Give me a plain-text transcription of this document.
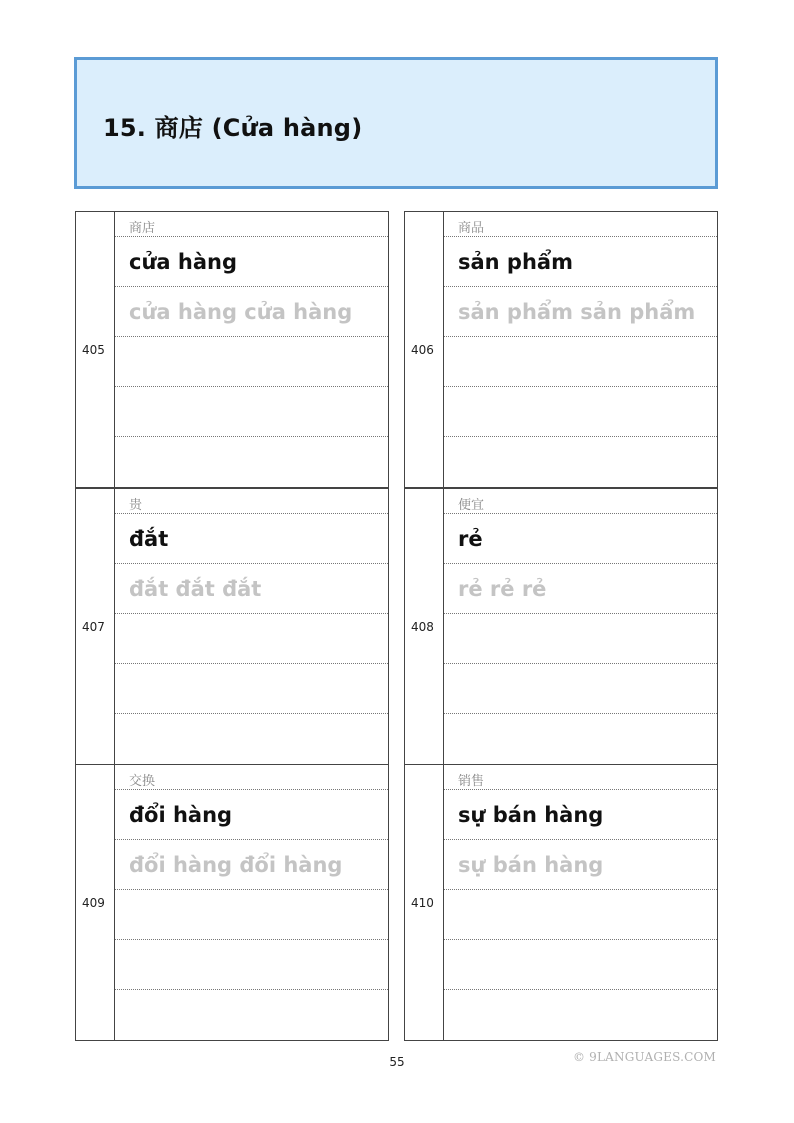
15. 商店 (Cửa hàng)
405
商店
cửa hàng
cửa hàng cửa hàng
406
商品
sản phẩm
sản phẩm sản phẩm
407
贵
đắt
đắt đắt đắt
408
便宜
rẻ
rẻ rẻ rẻ
409
交换
đổi hàng
đổi hàng đổi hàng
410
销售
sự bán hàng
sự bán hàng
55	© 9LANGUAGES.COM
